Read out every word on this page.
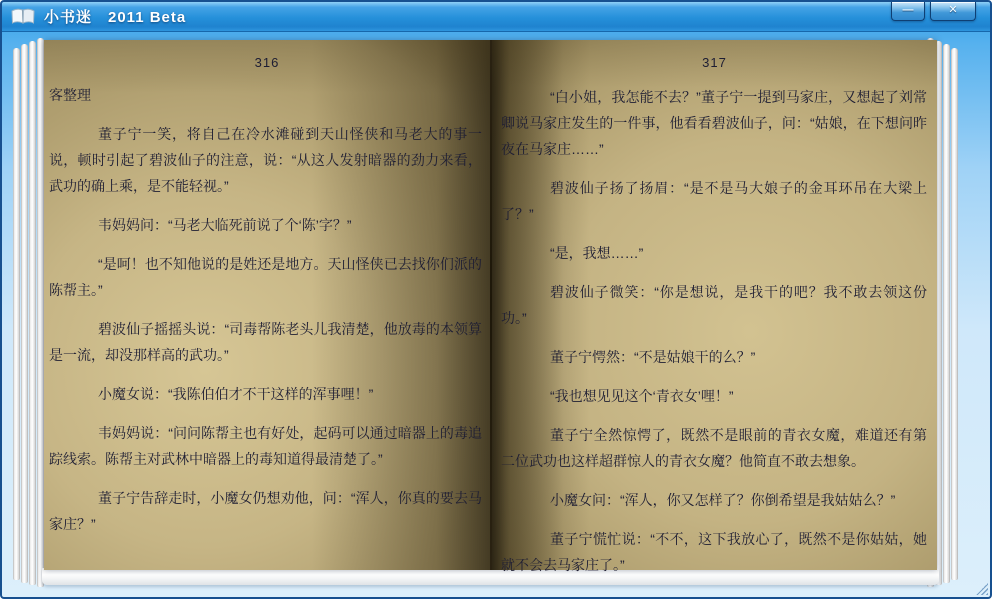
小书迷　2011 Beta	—	✕
316

客整理

董子宁一笑，将自己在冷水滩碰到天山怪侠和马老大的事一说，顿时引起了碧波仙子的注意，说：“从这人发射暗器的劲力来看，武功的确上乘，是不能轻视。”

韦妈妈问：“马老大临死前说了个‘陈’字？”

“是呵！也不知他说的是姓还是地方。天山怪侠已去找你们派的陈帮主。”

碧波仙子摇摇头说：“司毒帮陈老头儿我清楚，他放毒的本领算是一流，却没那样高的武功。”

小魔女说：“我陈伯伯才不干这样的浑事哩！”

韦妈妈说：“问问陈帮主也有好处，起码可以通过暗器上的毒追踪线索。陈帮主对武林中暗器上的毒知道得最清楚了。”

董子宁告辞走时，小魔女仍想劝他，问：“浑人，你真的要去马家庄？”

317

“白小姐，我怎能不去？”董子宁一提到马家庄，又想起了刘常卿说马家庄发生的一件事，他看看碧波仙子，问：“姑娘，在下想问昨夜在马家庄……”

碧波仙子扬了扬眉：“是不是马大娘子的金耳环吊在大梁上了？”

“是，我想……”

碧波仙子微笑：“你是想说，是我干的吧？我不敢去领这份功。”

董子宁愕然：“不是姑娘干的么？”

“我也想见见这个‘青衣女’哩！”

董子宁全然惊愕了，既然不是眼前的青衣女魔，难道还有第二位武功也这样超群惊人的青衣女魔？他简直不敢去想象。

小魔女问：“浑人，你又怎样了？你倒希望是我姑姑么？”

董子宁慌忙说：“不不，这下我放心了，既然不是你姑姑，她就不会去马家庄了。”
